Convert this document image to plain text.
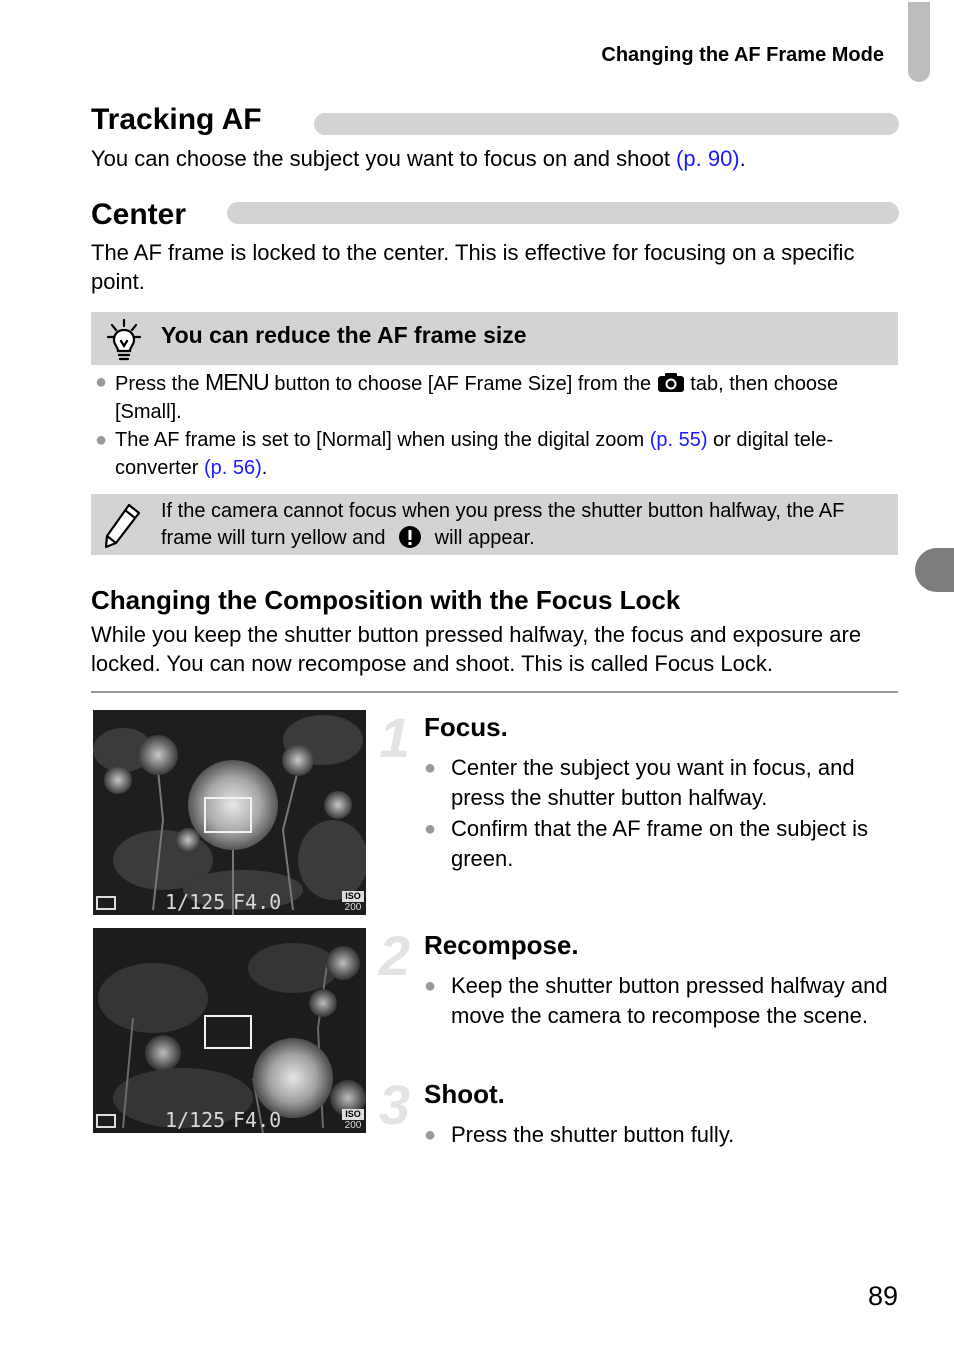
Changing the AF Frame Mode
Tracking AF
You can choose the subject you want to focus on and shoot (p. 90).
Center
The AF frame is locked to the center. This is effective for focusing on a specific point.
You can reduce the AF frame size
● Press the MENU button to choose [AF Frame Size] from the  tab, then choose [Small].
● The AF frame is set to [Normal] when using the digital zoom (p. 55) or digital tele-converter (p. 56).
If the camera cannot focus when you press the shutter button halfway, the AF frame will turn yellow and  will appear.
Changing the Composition with the Focus Lock
While you keep the shutter button pressed halfway, the focus and exposure are locked. You can now recompose and shoot. This is called Focus Lock.
1/125 F4.0	ISO
200
1/125 F4.0	ISO
200
1 Focus.
● Center the subject you want in focus, and press the shutter button halfway.
● Confirm that the AF frame on the subject is green.
2 Recompose.
● Keep the shutter button pressed halfway and move the camera to recompose the scene.
3 Shoot.
● Press the shutter button fully.
89
